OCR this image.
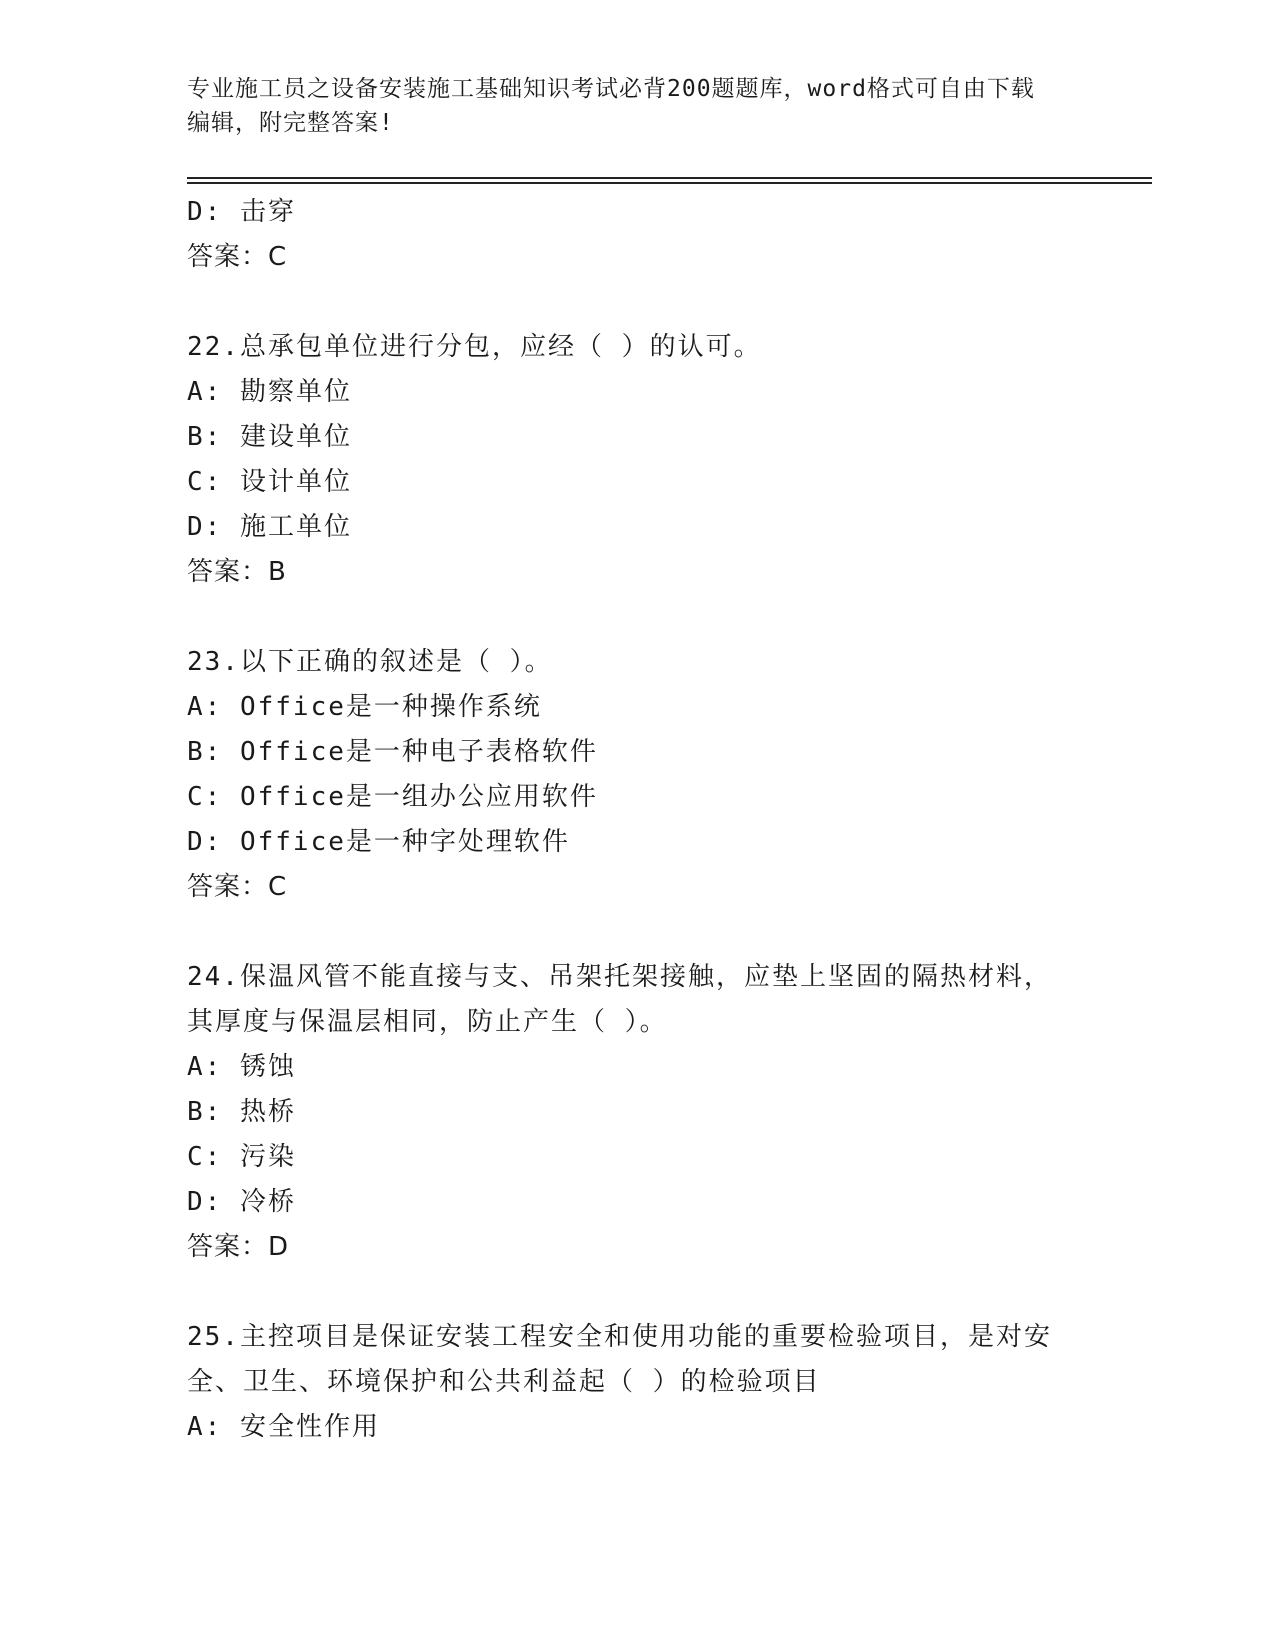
专业施工员之设备安装施工基础知识考试必背200题题库，word格式可自由下载
编辑，附完整答案!
D: 击穿
答案：C
22.总承包单位进行分包，应经（ ）的认可。
A: 勘察单位
B: 建设单位
C: 设计单位
D: 施工单位
答案：B
23.以下正确的叙述是（ ）。
A: Office是一种操作系统
B: Office是一种电子表格软件
C: Office是一组办公应用软件
D: Office是一种字处理软件
答案：C
24.保温风管不能直接与支、吊架托架接触，应垫上坚固的隔热材料，
其厚度与保温层相同，防止产生（ ）。
A: 锈蚀
B: 热桥
C: 污染
D: 冷桥
答案：D
25.主控项目是保证安装工程安全和使用功能的重要检验项目，是对安
全、卫生、环境保护和公共利益起（ ）的检验项目
A: 安全性作用
